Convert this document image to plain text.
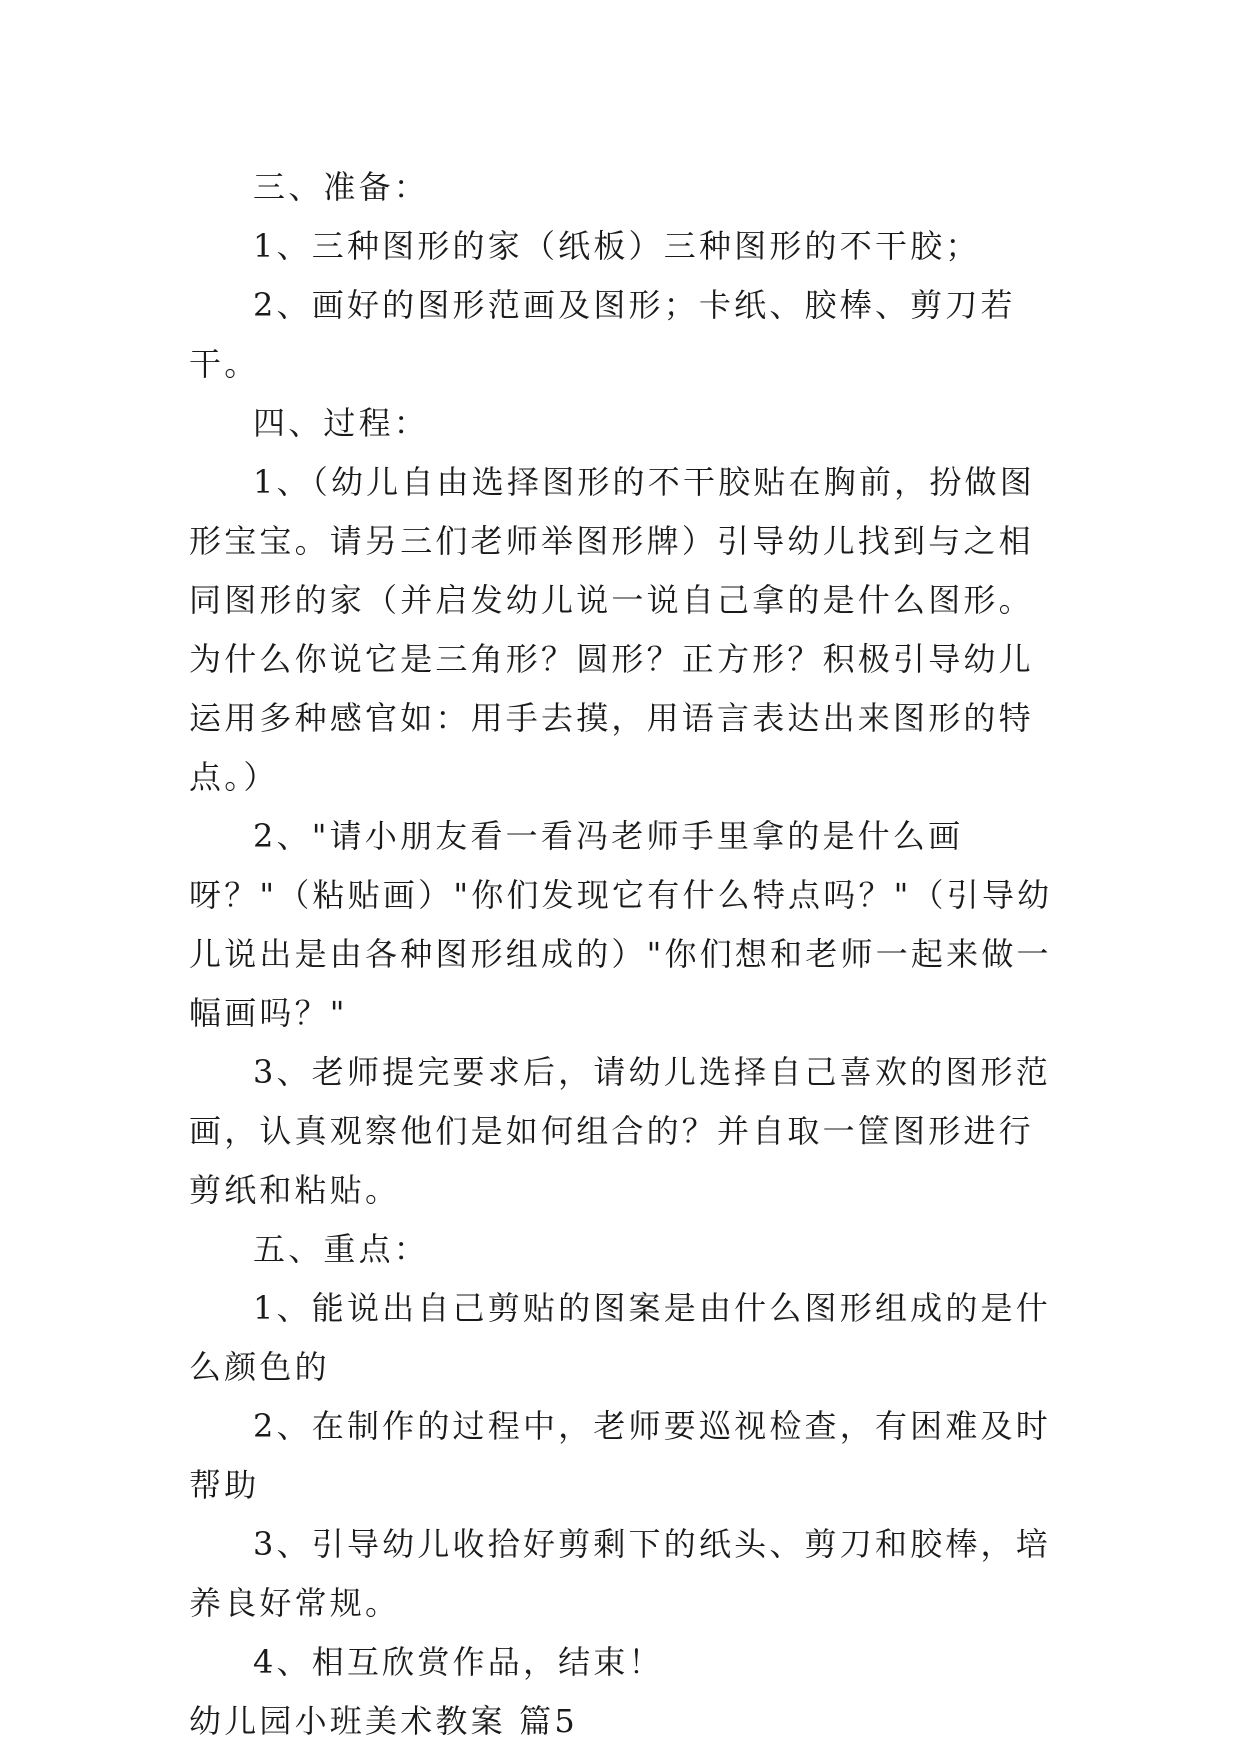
三、准备：

1、三种图形的家（纸板）三种图形的不干胶；

2、画好的图形范画及图形；卡纸、胶棒、剪刀若干。

四、过程：

1、（幼儿自由选择图形的不干胶贴在胸前，扮做图形宝宝。请另三们老师举图形牌）引导幼儿找到与之相同图形的家（并启发幼儿说一说自己拿的是什么图形。为什么你说它是三角形？圆形？正方形？积极引导幼儿运用多种感官如：用手去摸，用语言表达出来图形的特点。）

2、"请小朋友看一看冯老师手里拿的是什么画呀？"（粘贴画）"你们发现它有什么特点吗？"（引导幼儿说出是由各种图形组成的）"你们想和老师一起来做一幅画吗？"

3、老师提完要求后，请幼儿选择自己喜欢的图形范画，认真观察他们是如何组合的？并自取一筐图形进行剪纸和粘贴。

五、重点：

1、能说出自己剪贴的图案是由什么图形组成的是什么颜色的

2、在制作的过程中，老师要巡视检查，有困难及时帮助

3、引导幼儿收拾好剪剩下的纸头、剪刀和胶棒，培养良好常规。

4、相互欣赏作品，结束！

幼儿园小班美术教案 篇5
